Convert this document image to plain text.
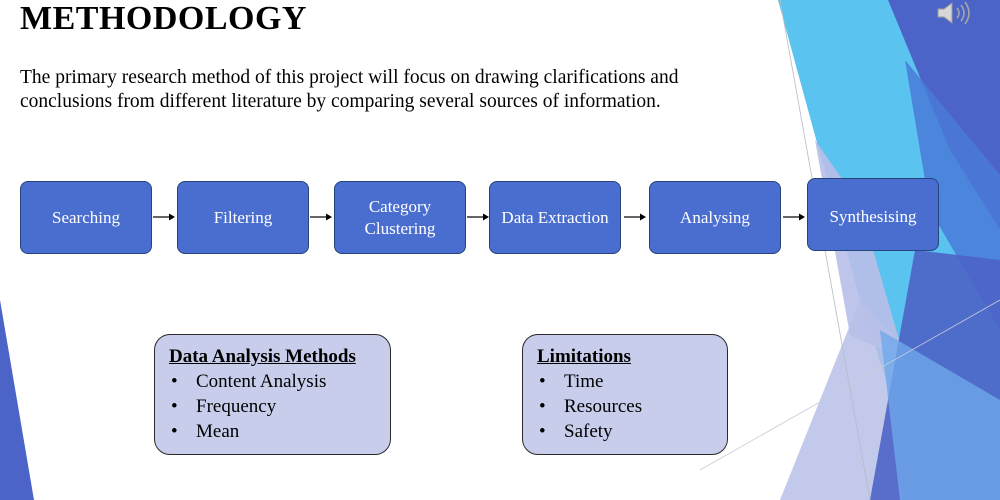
METHODOLOGY

The primary research method of this project will focus on drawing clarifications and conclusions from different literature by comparing several sources of information.

Searching	Filtering
Category Clustering
Data Extraction	Analysing	Synthesising
Data Analysis Methods
• Content Analysis
• Frequency
• Mean
Limitations
• Time
• Resources
• Safety
